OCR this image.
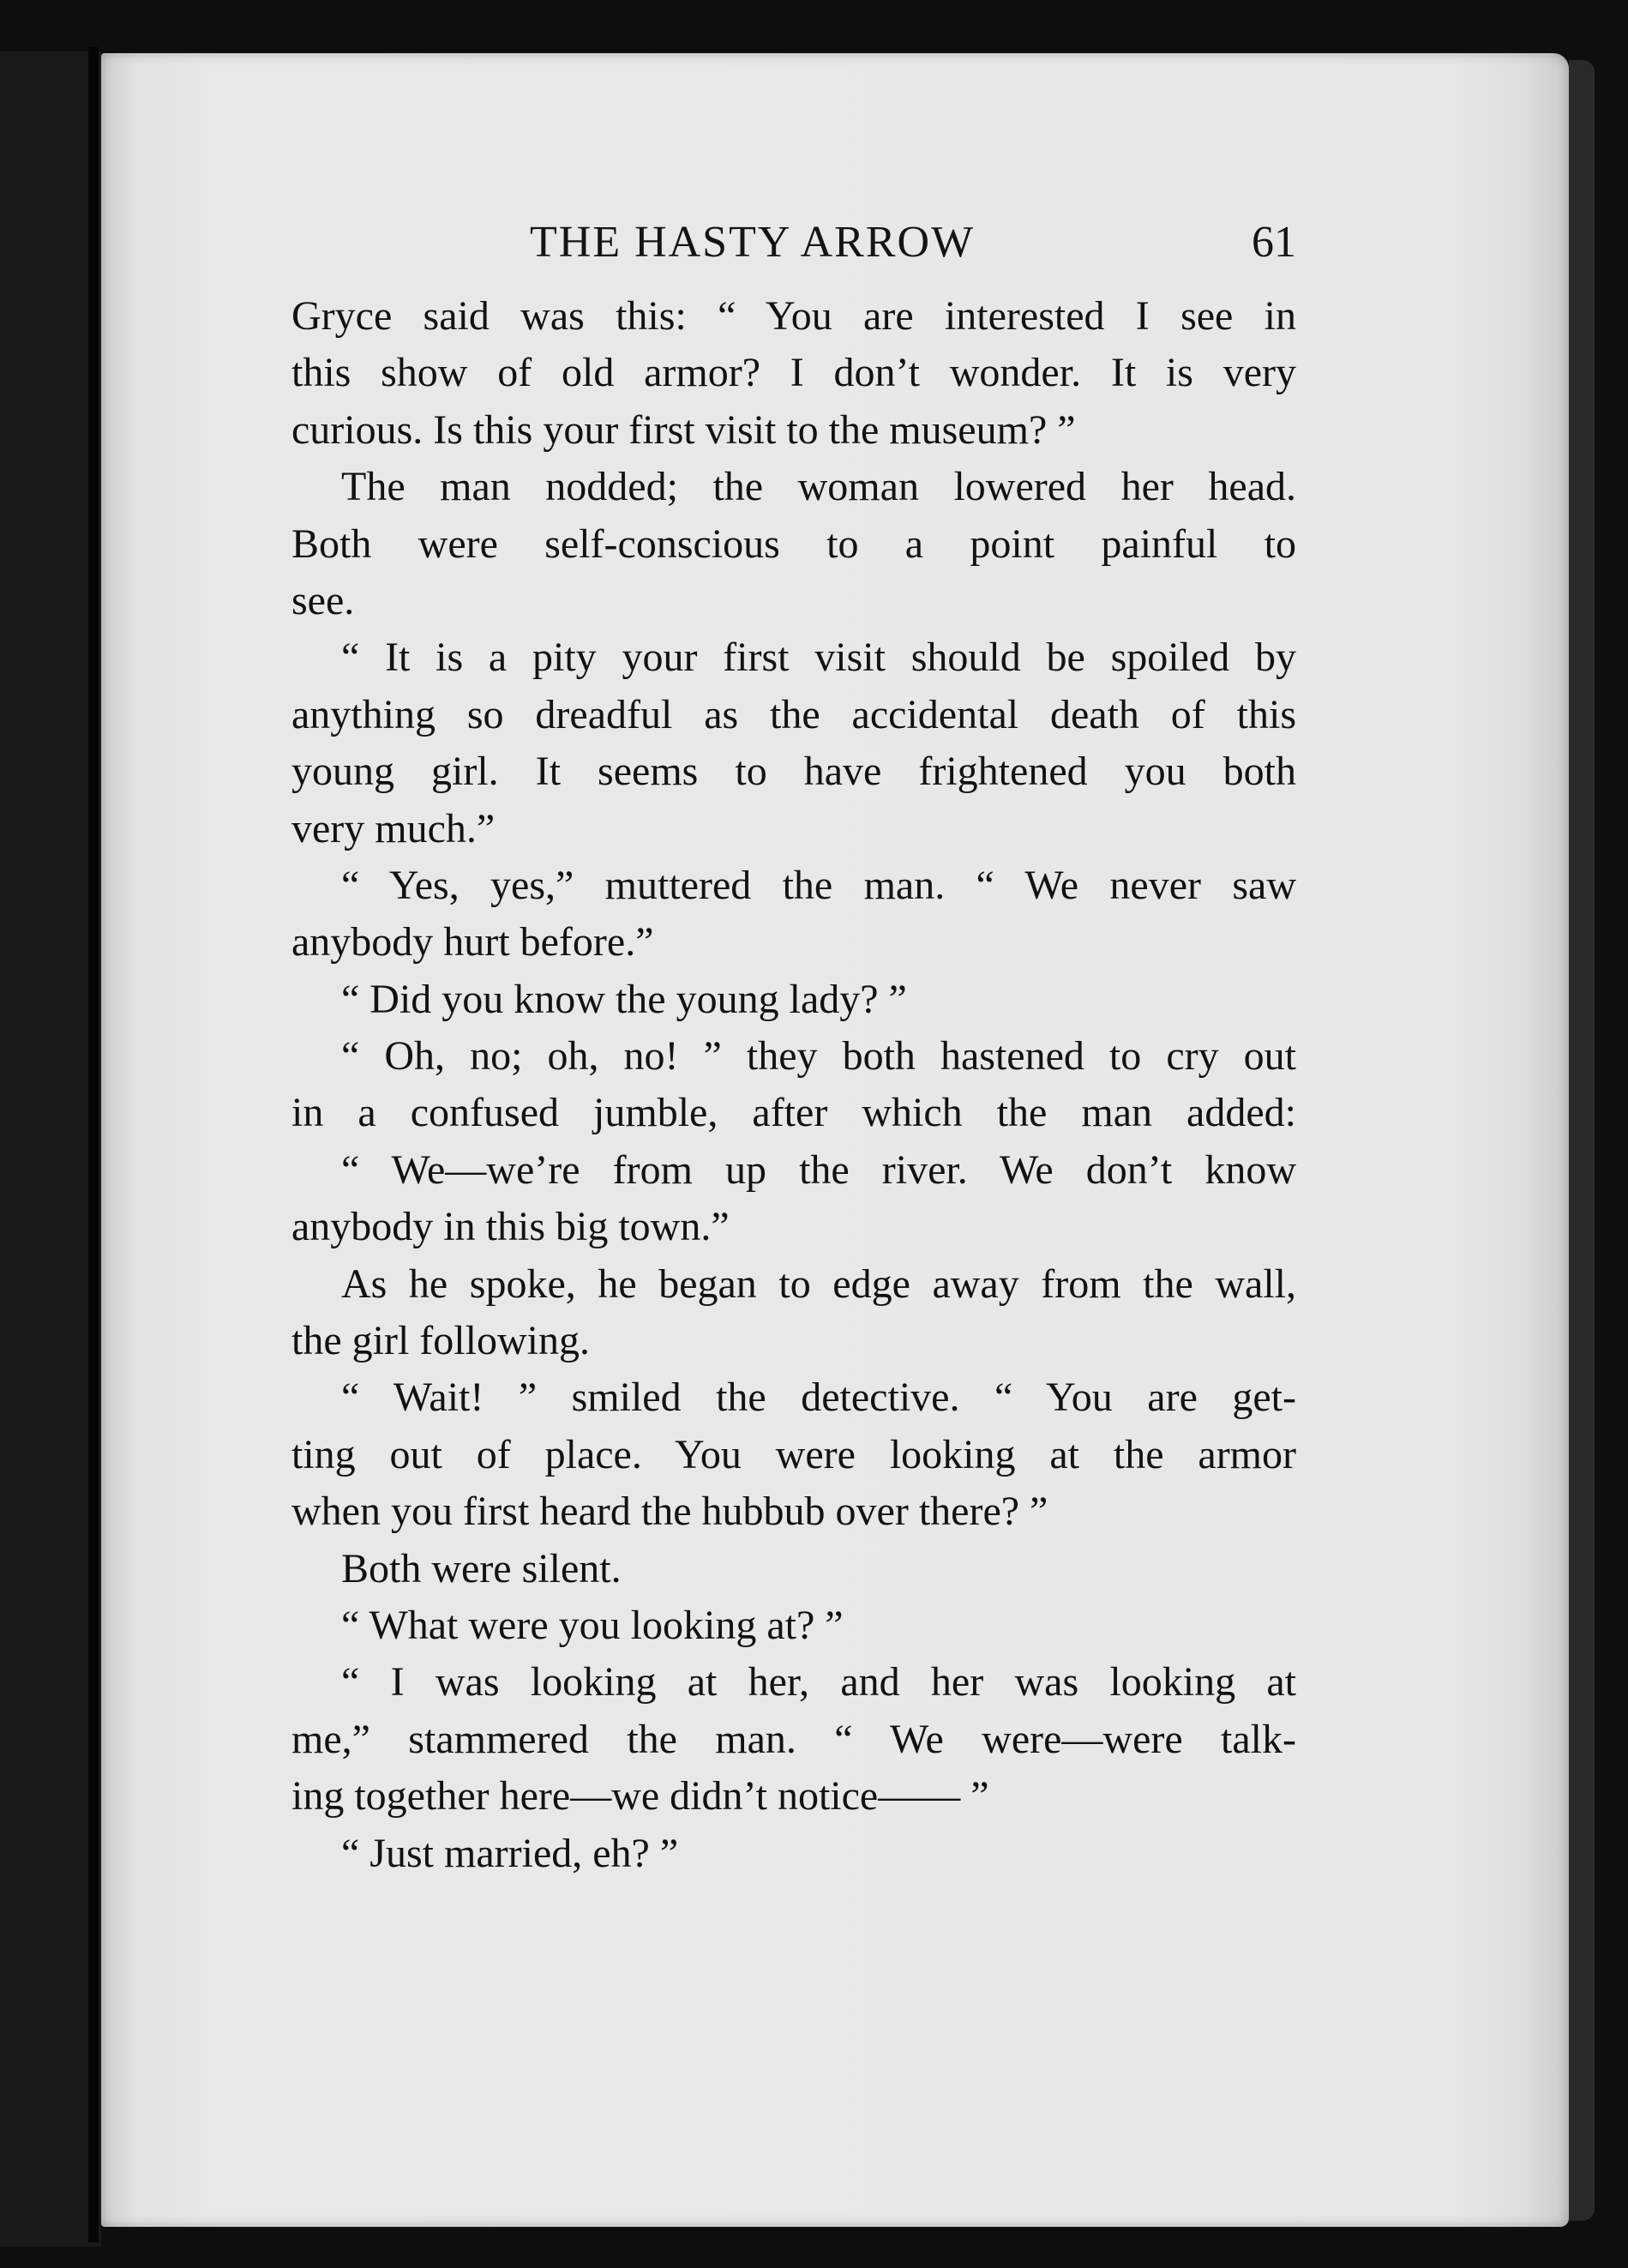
THE HASTY ARROW	61
Gryce said was this: “ You are interested I see in
this show of old armor? I don’t wonder. It is very
curious. Is this your first visit to the museum? ”
The man nodded; the woman lowered her head.
Both were self-conscious to a point painful to
see.
“ It is a pity your first visit should be spoiled by
anything so dreadful as the accidental death of this
young girl. It seems to have frightened you both
very much.”
“ Yes, yes,” muttered the man. “ We never saw
anybody hurt before.”
“ Did you know the young lady? ”
“ Oh, no; oh, no! ” they both hastened to cry out
in a confused jumble, after which the man added:
“ We—we’re from up the river. We don’t know
anybody in this big town.”
As he spoke, he began to edge away from the wall,
the girl following.
“ Wait! ” smiled the detective. “ You are get-
ting out of place. You were looking at the armor
when you first heard the hubbub over there? ”
Both were silent.
“ What were you looking at? ”
“ I was looking at her, and her was looking at
me,” stammered the man. “ We were—were talk-
ing together here—we didn’t notice—— ”
“ Just married, eh? ”
